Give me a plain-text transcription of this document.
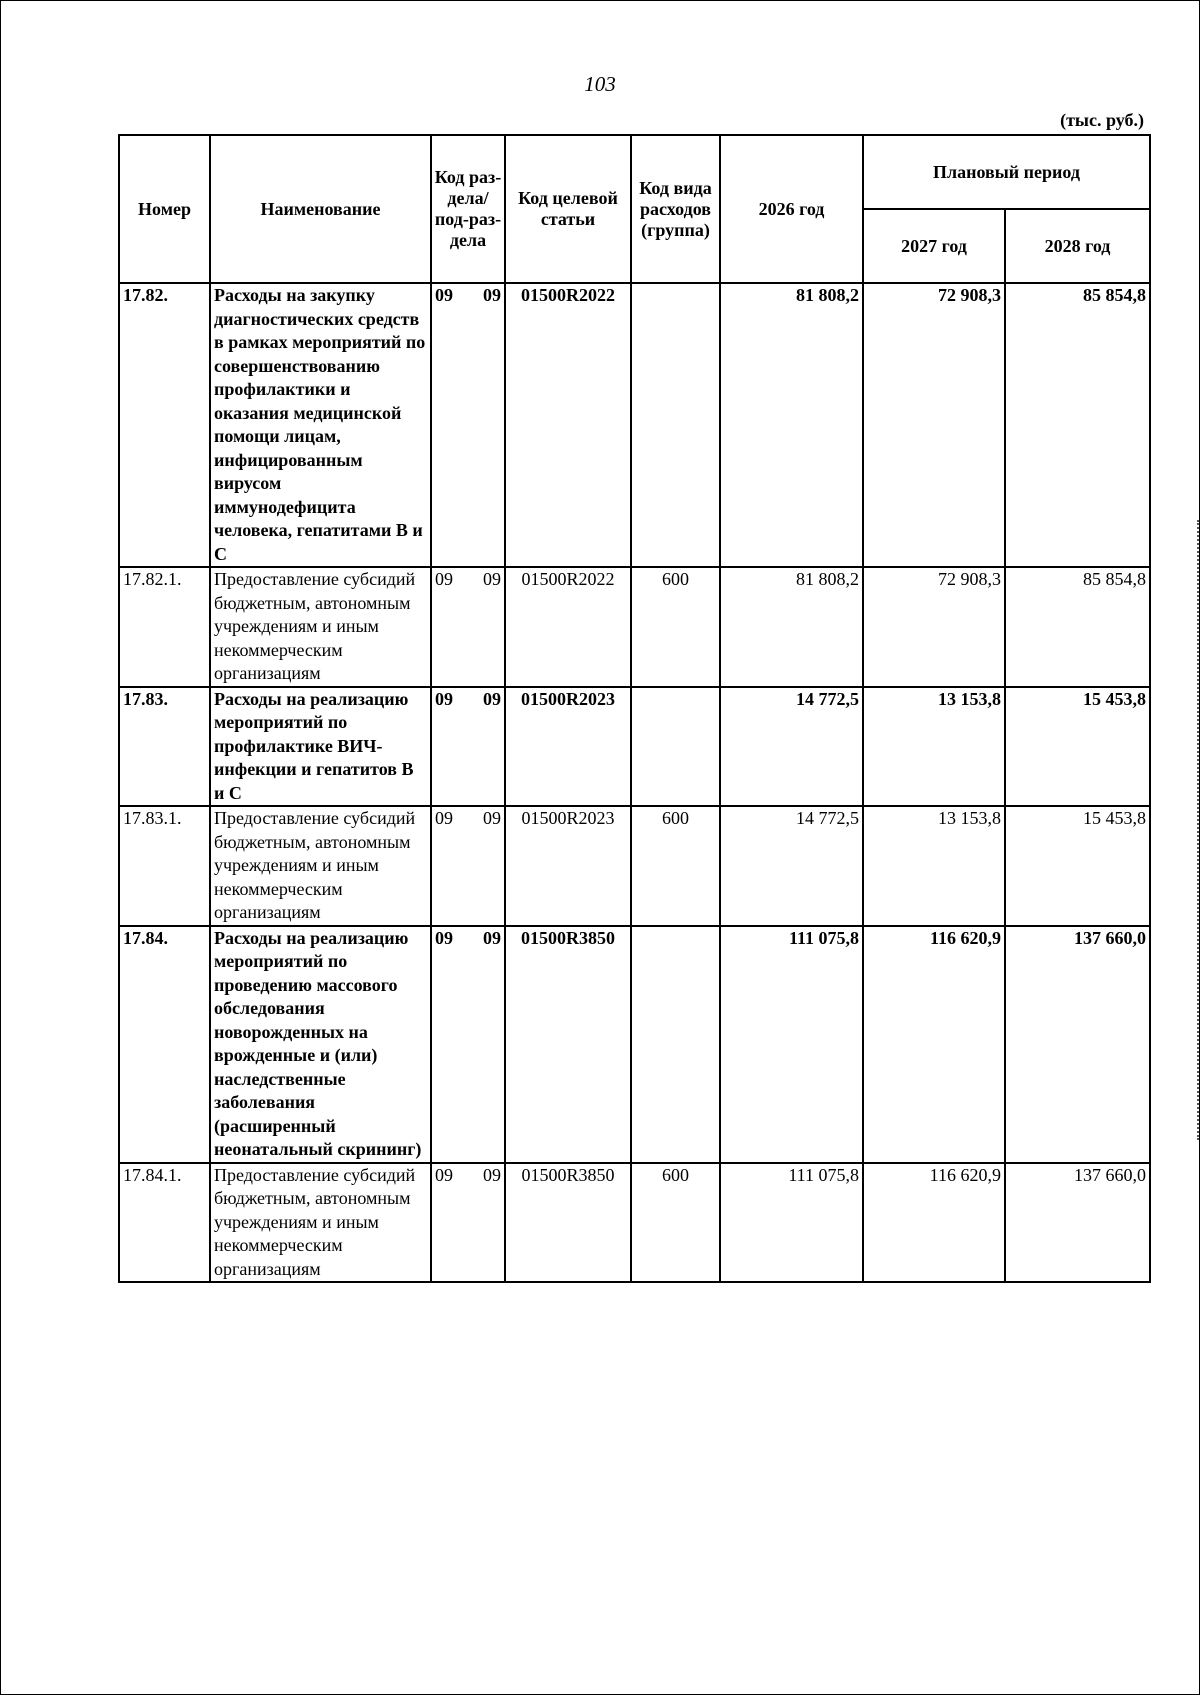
103
(тыс. руб.)
Номер	Наименование	Код раз-дела/ под-раз-дела	Код целевой статьи	Код вида расходов (группа)	2026 год	Плановый период	
						2027 год	2028 год
17.82.	Расходы на закупку диагностических средств в рамках мероприятий по совершенствованию профилактики и оказания медицинской помощи лицам, инфицированным вирусом иммунодефицита человека, гепатитами В и С	09 09	01500R2022		81 808,2	72 908,3	85 854,8
17.82.1.	Предоставление субсидий бюджетным, автономным учреждениям и иным некоммерческим организациям	09 09	01500R2022	600	81 808,2	72 908,3	85 854,8
17.83.	Расходы на реализацию мероприятий по профилактике ВИЧ-инфекции и гепатитов В и С	09 09	01500R2023		14 772,5	13 153,8	15 453,8
17.83.1.	Предоставление субсидий бюджетным, автономным учреждениям и иным некоммерческим организациям	09 09	01500R2023	600	14 772,5	13 153,8	15 453,8
17.84.	Расходы на реализацию мероприятий по проведению массового обследования новорожденных на врожденные и (или) наследственные заболевания (расширенный неонатальный скрининг)	09 09	01500R3850		111 075,8	116 620,9	137 660,0
17.84.1.	Предоставление субсидий бюджетным, автономным учреждениям и иным некоммерческим организациям	09 09	01500R3850	600	111 075,8	116 620,9	137 660,0
